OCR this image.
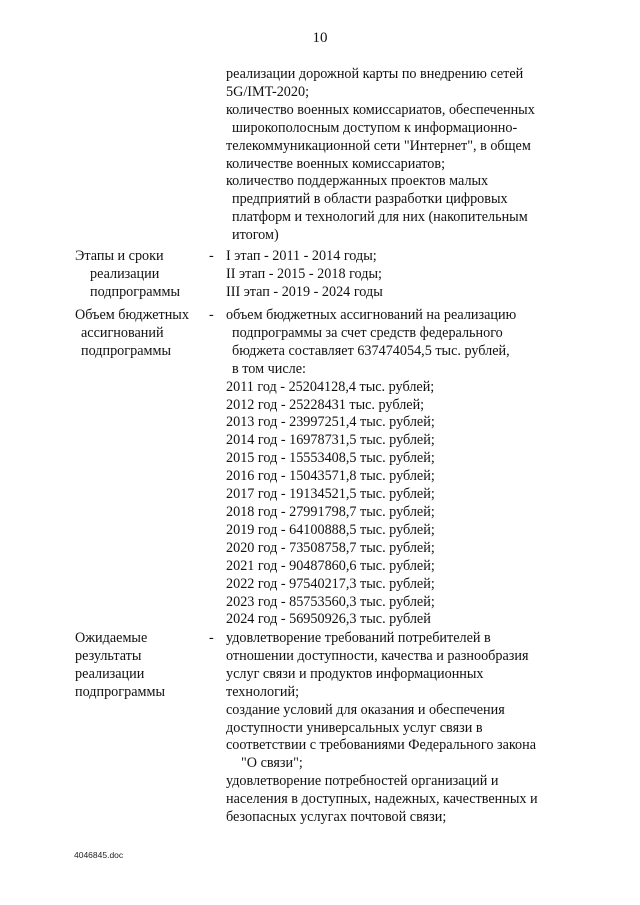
10
реализации дорожной карты по внедрению сетей
5G/IMT-2020;
количество военных комиссариатов, обеспеченных
широкополосным доступом к информационно-
телекоммуникационной сети "Интернет", в общем
количестве военных комиссариатов;
количество поддержанных проектов малых
предприятий в области разработки цифровых
платформ и технологий для них (накопительным
итогом)
Этапы и сроки
реализации
подпрограммы
- I этап - 2011 - 2014 годы;
II этап - 2015 - 2018 годы;
III этап - 2019 - 2024 годы
Объем бюджетных
ассигнований
подпрограммы
- объем бюджетных ассигнований на реализацию
подпрограммы за счет средств федерального
бюджета составляет 637474054,5 тыс. рублей,
в том числе:
2011 год - 25204128,4 тыс. рублей;
2012 год - 25228431 тыс. рублей;
2013 год - 23997251,4 тыс. рублей;
2014 год - 16978731,5 тыс. рублей;
2015 год - 15553408,5 тыс. рублей;
2016 год - 15043571,8 тыс. рублей;
2017 год - 19134521,5 тыс. рублей;
2018 год - 27991798,7 тыс. рублей;
2019 год - 64100888,5 тыс. рублей;
2020 год - 73508758,7 тыс. рублей;
2021 год - 90487860,6 тыс. рублей;
2022 год - 97540217,3 тыс. рублей;
2023 год - 85753560,3 тыс. рублей;
2024 год - 56950926,3 тыс. рублей
Ожидаемые
результаты
реализации
подпрограммы
- удовлетворение требований потребителей в
отношении доступности, качества и разнообразия
услуг связи и продуктов информационных
технологий;
создание условий для оказания и обеспечения
доступности универсальных услуг связи в
соответствии с требованиями Федерального закона
"О связи";
удовлетворение потребностей организаций и
населения в доступных, надежных, качественных и
безопасных услугах почтовой связи;
4046845.doc
